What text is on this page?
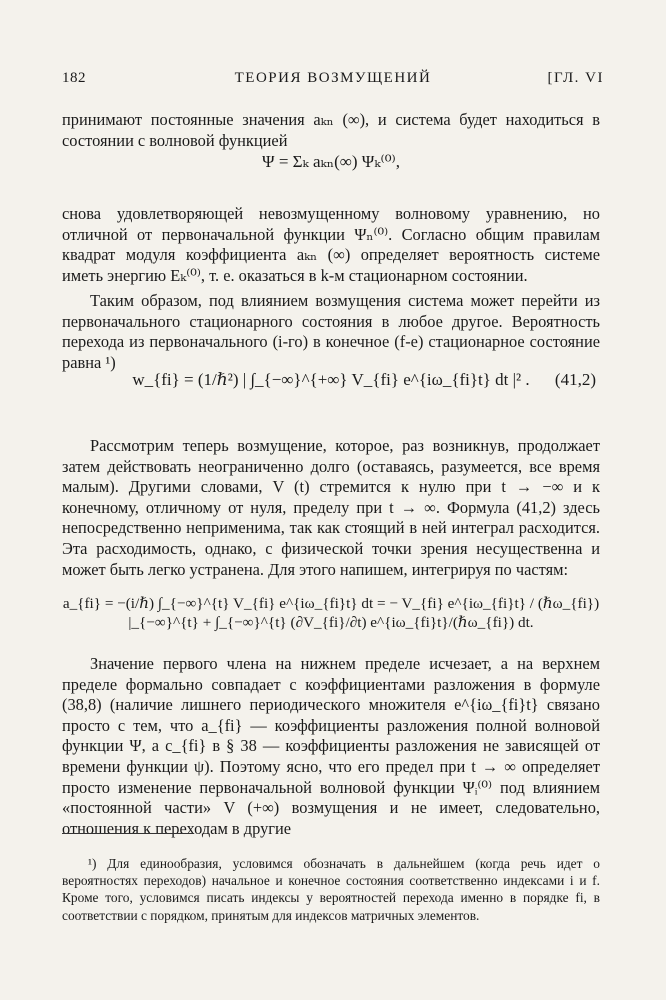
182	ТЕОРИЯ ВОЗМУЩЕНИЙ	[ГЛ. VI

принимают постоянные значения aₖₙ (∞), и система будет находиться в состоянии с волновой функцией

Ψ = Σₖ aₖₙ(∞) Ψₖ⁽⁰⁾,

снова удовлетворяющей невозмущенному волновому уравнению, но отличной от первоначальной функции Ψₙ⁽⁰⁾. Согласно общим правилам квадрат модуля коэффициента aₖₙ (∞) определяет вероятность системе иметь энергию Eₖ⁽⁰⁾, т. е. оказаться в k-м стационарном состоянии.

Таким образом, под влиянием возмущения система может перейти из первоначального стационарного состояния в любое другое. Вероятность перехода из первоначального (i-го) в конечное (f-е) стационарное состояние равна ¹)

w_{fi} = (1/ℏ²) | ∫_{−∞}^{+∞} V_{fi} e^{iω_{fi}t} dt |² . (41,2)

Рассмотрим теперь возмущение, которое, раз возникнув, продолжает затем действовать неограниченно долго (оставаясь, разумеется, все время малым). Другими словами, V (t) стремится к нулю при t → −∞ и к конечному, отличному от нуля, пределу при t → ∞. Формула (41,2) здесь непосредственно неприменима, так как стоящий в ней интеграл расходится. Эта расходимость, однако, с физической точки зрения несущественна и может быть легко устранена. Для этого напишем, интегрируя по частям:

a_{fi} = −(i/ℏ) ∫_{−∞}^{t} V_{fi} e^{iω_{fi}t} dt = − V_{fi} e^{iω_{fi}t} / (ℏω_{fi}) |_{−∞}^{t} + ∫_{−∞}^{t} (∂V_{fi}/∂t) e^{iω_{fi}t}/(ℏω_{fi}) dt.

Значение первого члена на нижнем пределе исчезает, а на верхнем пределе формально совпадает с коэффициентами разложения в формуле (38,8) (наличие лишнего периодического множителя e^{iω_{fi}t} связано просто с тем, что a_{fi} — коэффициенты разложения полной волновой функции Ψ, а c_{fi} в § 38 — коэффициенты разложения не зависящей от времени функции ψ). Поэтому ясно, что его предел при t → ∞ определяет просто изменение первоначальной волновой функции Ψᵢ⁽⁰⁾ под влиянием «постоянной части» V (+∞) возмущения и не имеет, следовательно, отношения к переходам в другие

¹) Для единообразия, условимся обозначать в дальнейшем (когда речь идет о вероятностях переходов) начальное и конечное состояния соответственно индексами i и f. Кроме того, условимся писать индексы у вероятностей перехода именно в порядке fi, в соответствии с порядком, принятым для индексов матричных элементов.
